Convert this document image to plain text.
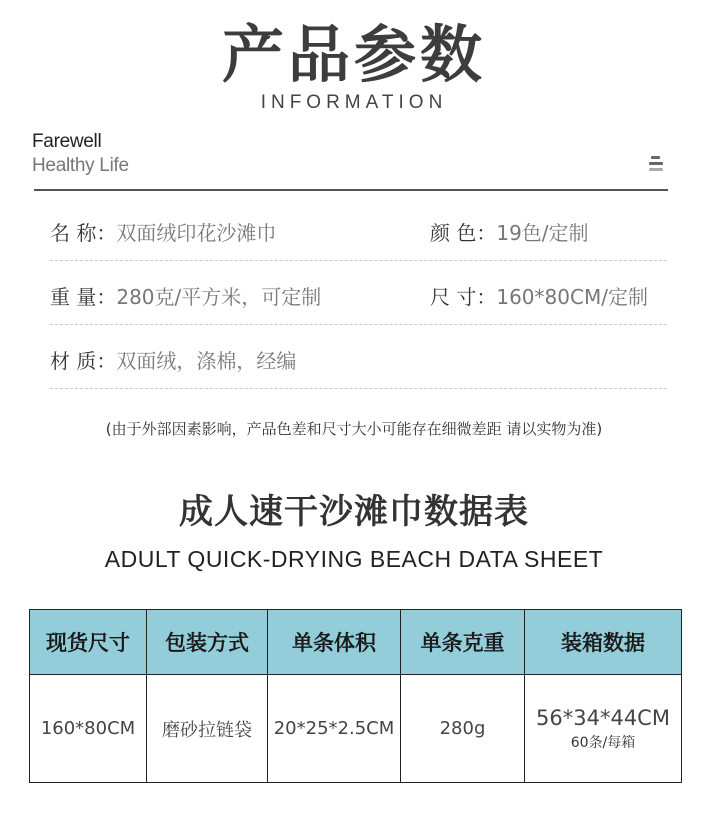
产品参数
INFORMATION
Farewell
Healthy Life
名 称：双面绒印花沙滩巾	颜 色：19色/定制
重 量：280克/平方米，可定制	尺 寸：160*80CM/定制
材 质：双面绒，涤棉，经编
(由于外部因素影响，产品色差和尺寸大小可能存在细微差距 请以实物为准)
成人速干沙滩巾数据表
ADULT QUICK-DRYING BEACH DATA SHEET
现货尺寸	包装方式	单条体积	单条克重	装箱数据
160*80CM	磨砂拉链袋	20*25*2.5CM	280g	56*34*44CM
60条/每箱
